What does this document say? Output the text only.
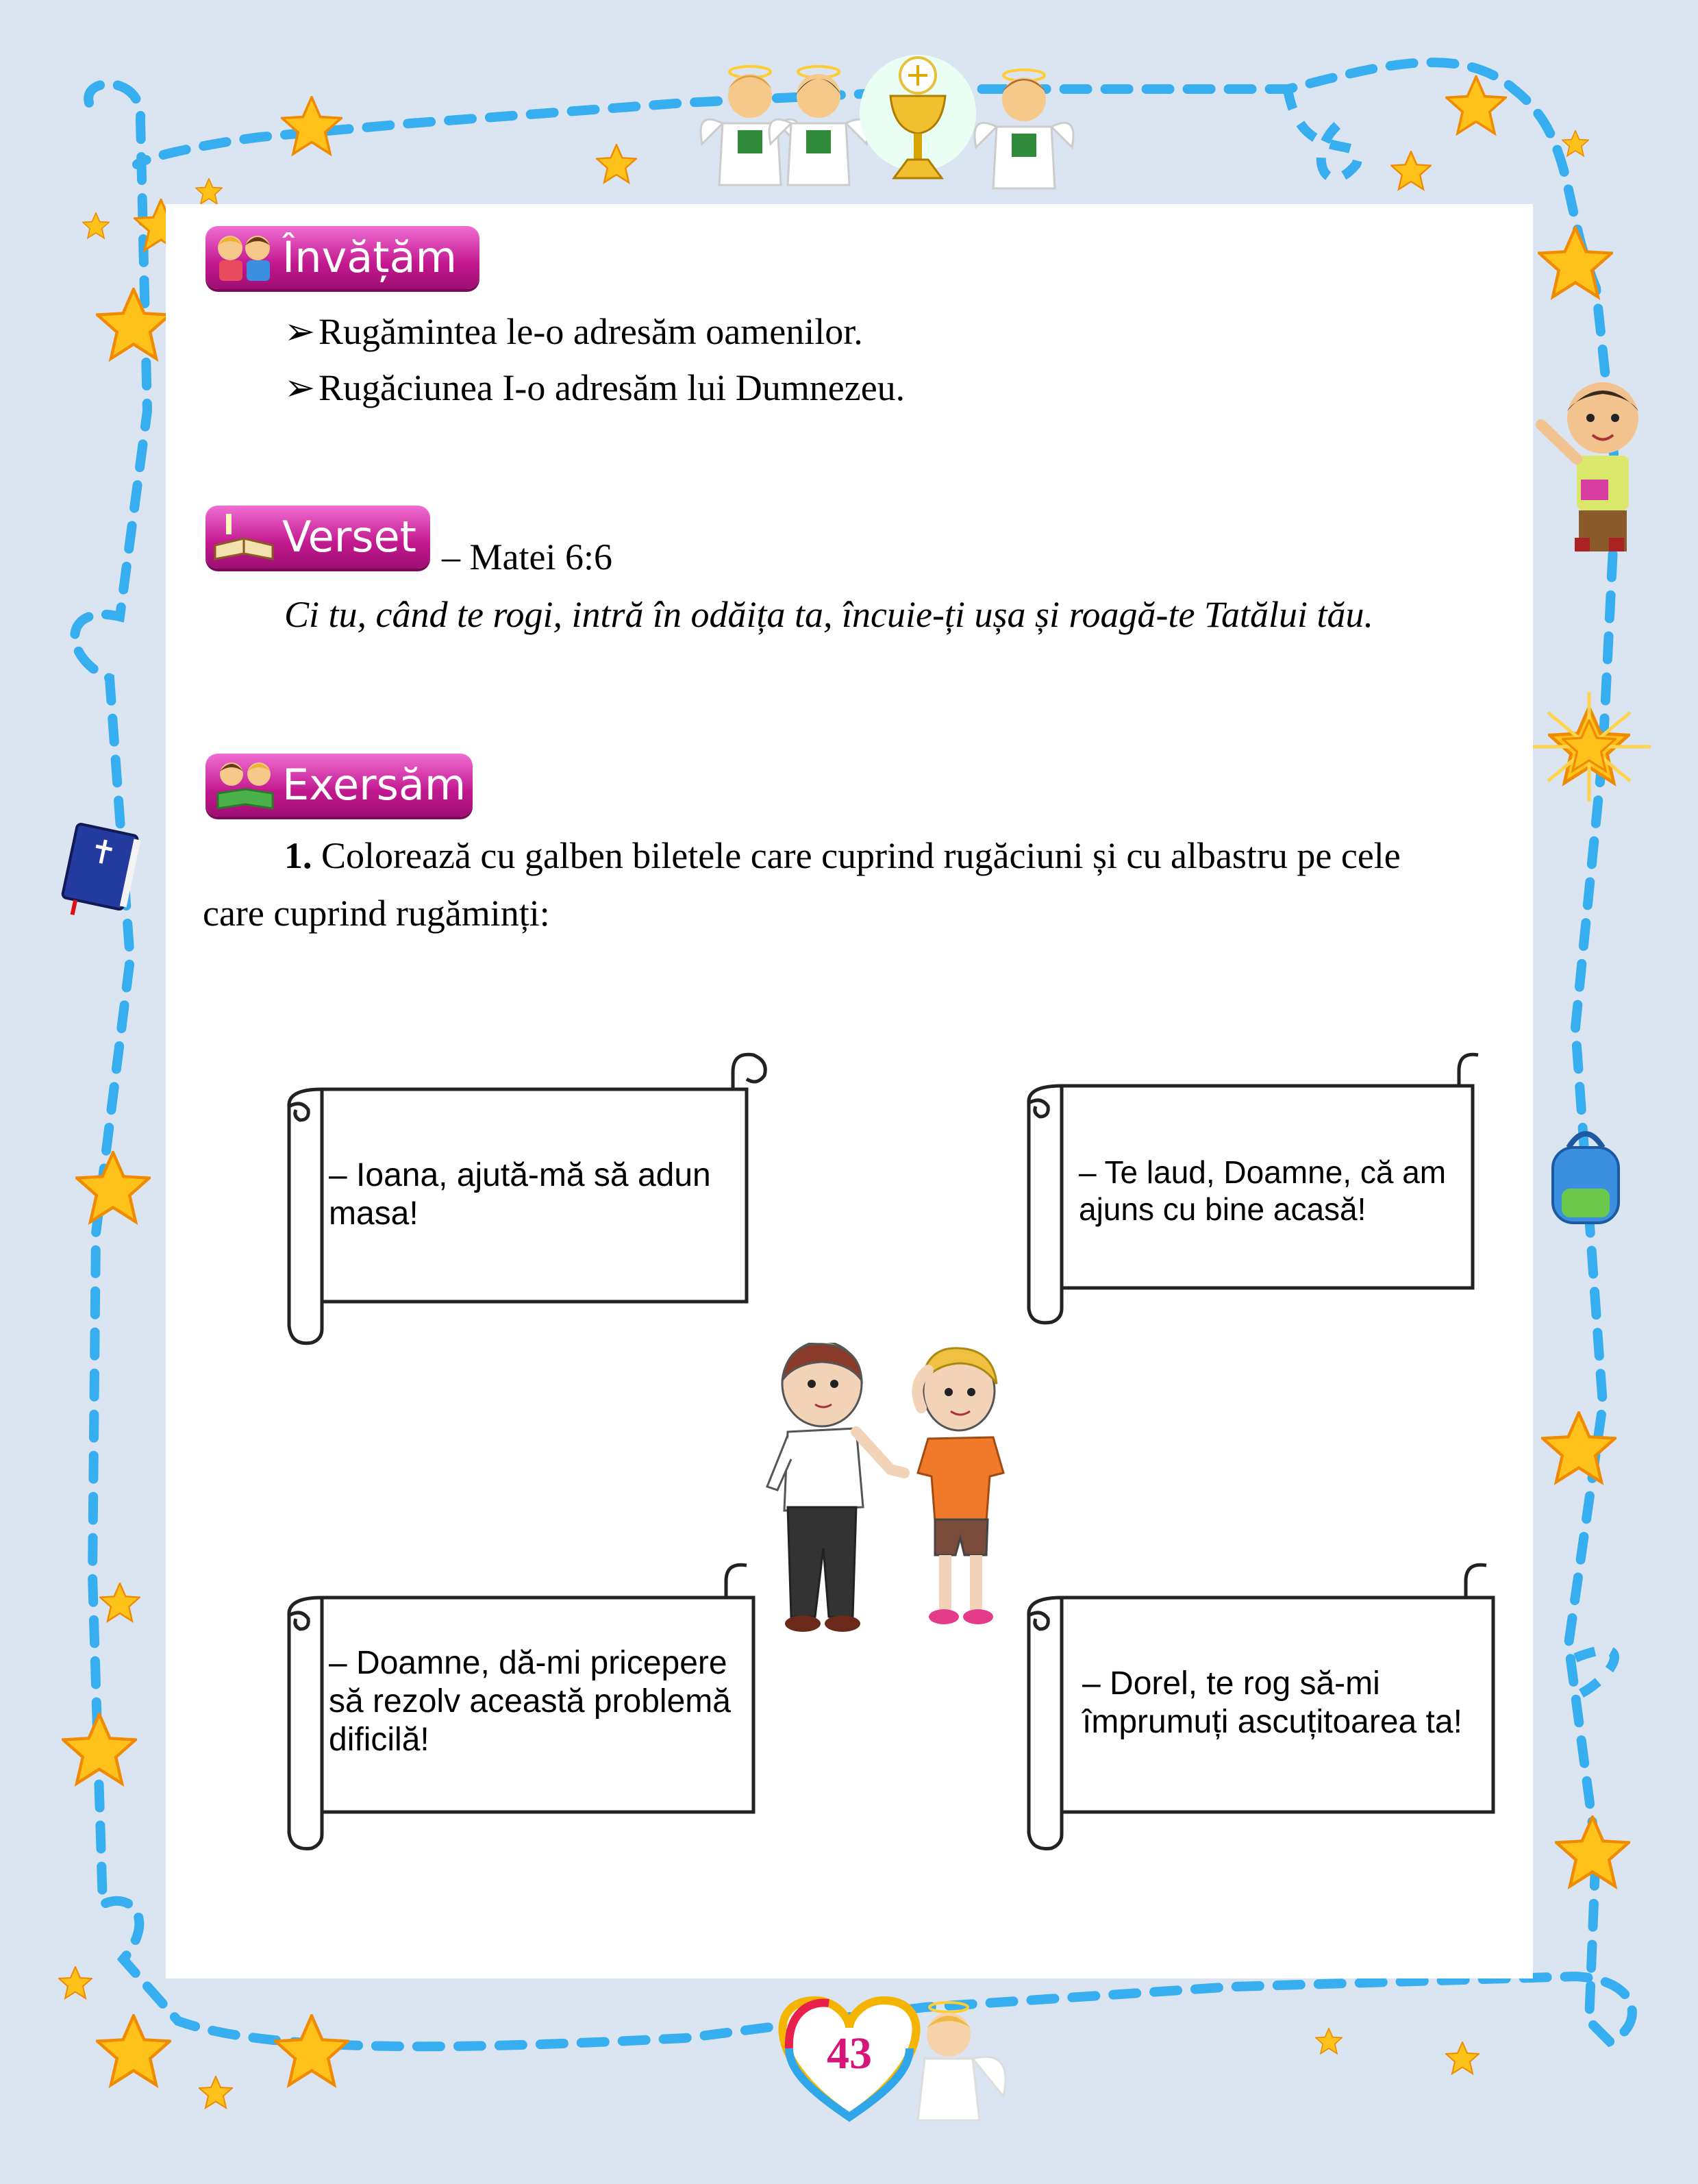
Învățăm
➢Rugămintea le-o adresăm oamenilor.
➢Rugăciunea I-o adresăm lui Dumnezeu.
Verset – Matei 6:6
Ci tu, când te rogi, intră în odăița ta, încuie-ți ușa și roagă-te Tatălui tău.
Exersăm
1. Colorează cu galben biletele care cuprind rugăciuni și cu albastru pe cele
care cuprind rugăminți:
– Ioana, ajută-mă să adun
masa!
– Te laud, Doamne, că am
ajuns cu bine acasă!
– Doamne, dă-mi pricepere
să rezolv această problemă
dificilă!
– Dorel, te rog să-mi
împrumuți ascuțitoarea ta!
43
